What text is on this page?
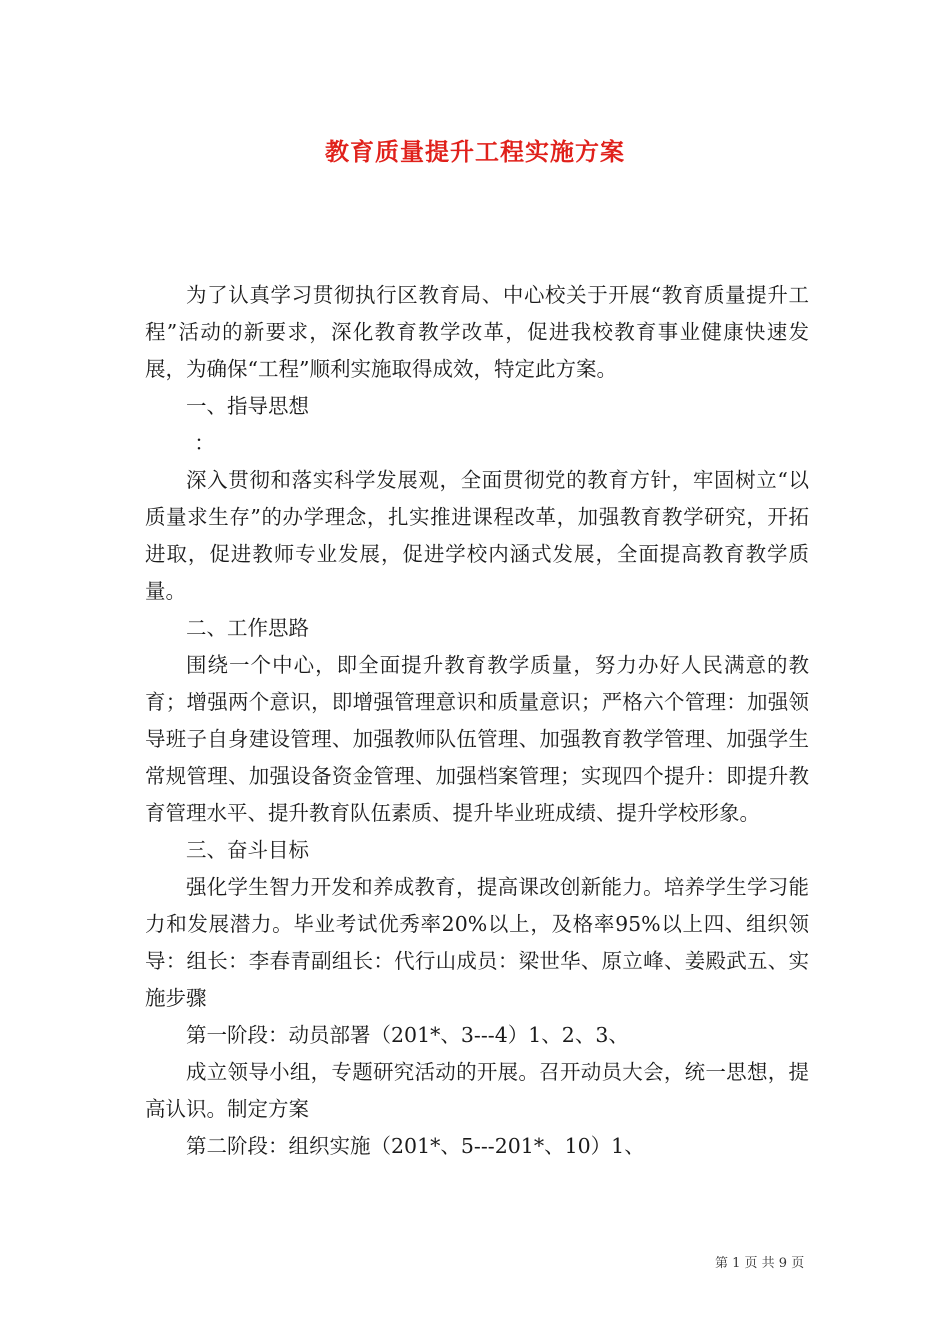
教育质量提升工程实施方案

为了认真学习贯彻执行区教育局、中心校关于开展“教育质量提升工程”活动的新要求，深化教育教学改革，促进我校教育事业健康快速发展，为确保“工程”顺利实施取得成效，特定此方案。

一、指导思想

：

深入贯彻和落实科学发展观，全面贯彻党的教育方针，牢固树立“以质量求生存”的办学理念，扎实推进课程改革，加强教育教学研究，开拓进取，促进教师专业发展，促进学校内涵式发展，全面提高教育教学质量。

二、工作思路

围绕一个中心，即全面提升教育教学质量，努力办好人民满意的教育；增强两个意识，即增强管理意识和质量意识；严格六个管理：加强领导班子自身建设管理、加强教师队伍管理、加强教育教学管理、加强学生常规管理、加强设备资金管理、加强档案管理；实现四个提升：即提升教育管理水平、提升教育队伍素质、提升毕业班成绩、提升学校形象。

三、奋斗目标

强化学生智力开发和养成教育，提高课改创新能力。培养学生学习能力和发展潜力。毕业考试优秀率20%以上，及格率95%以上四、组织领导：组长：李春青副组长：代行山成员：梁世华、原立峰、姜殿武五、实施步骤

第一阶段：动员部署（201*、3---4）1、2、3、

成立领导小组，专题研究活动的开展。召开动员大会，统一思想，提高认识。制定方案

第二阶段：组织实施（201*、5---201*、10）1、

第 1 页 共 9 页
